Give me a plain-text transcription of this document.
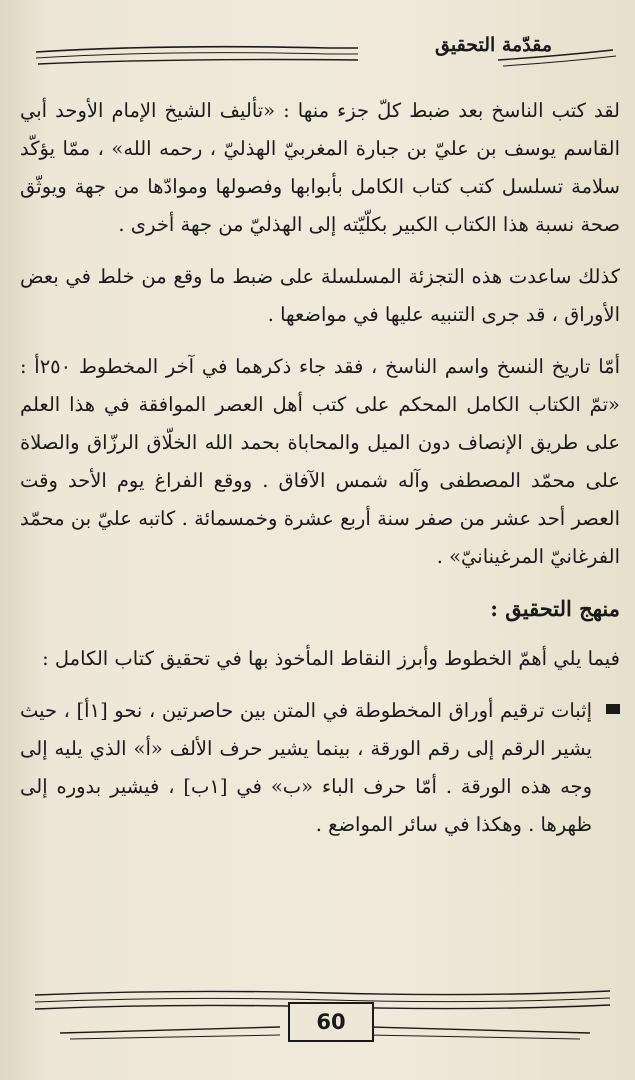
مقدّمة التحقيق

لقد كتب الناسخ بعد ضبط كلّ جزء منها : «تأليف الشيخ الإمام الأوحد أبي القاسم يوسف بن عليّ بن جبارة المغربيّ الهذليّ ، رحمه الله» ، ممّا يؤكّد سلامة تسلسل كتب كتاب الكامل بأبوابها وفصولها وموادّها من جهة ويوثّق صحة نسبة هذا الكتاب الكبير بكلّيّته إلى الهذليّ من جهة أخرى .

كذلك ساعدت هذه التجزئة المسلسلة على ضبط ما وقع من خلط في بعض الأوراق ، قد جرى التنبيه عليها في مواضعها .

أمّا تاريخ النسخ واسم الناسخ ، فقد جاء ذكرهما في آخر المخطوط ٢٥٠أ : «تمّ الكتاب الكامل المحكم على كتب أهل العصر الموافقة في هذا العلم على طريق الإنصاف دون الميل والمحاباة بحمد الله الخلّاق الرزّاق والصلاة على محمّد المصطفى وآله شمس الآفاق . ووقع الفراغ يوم الأحد وقت العصر أحد عشر من صفر سنة أربع عشرة وخمسمائة . كاتبه عليّ بن محمّد الفرغانيّ المرغينانيّ» .

منهج التحقيق :

فيما يلي أهمّ الخطوط وأبرز النقاط المأخوذ بها في تحقيق كتاب الكامل :

إثبات ترقيم أوراق المخطوطة في المتن بين حاصرتين ، نحو [١أ] ، حيث يشير الرقم إلى رقم الورقة ، بينما يشير حرف الألف «أ» الذي يليه إلى وجه هذه الورقة . أمّا حرف الباء «ب» في [١ب] ، فيشير بدوره إلى ظهرها . وهكذا في سائر المواضع .
60
